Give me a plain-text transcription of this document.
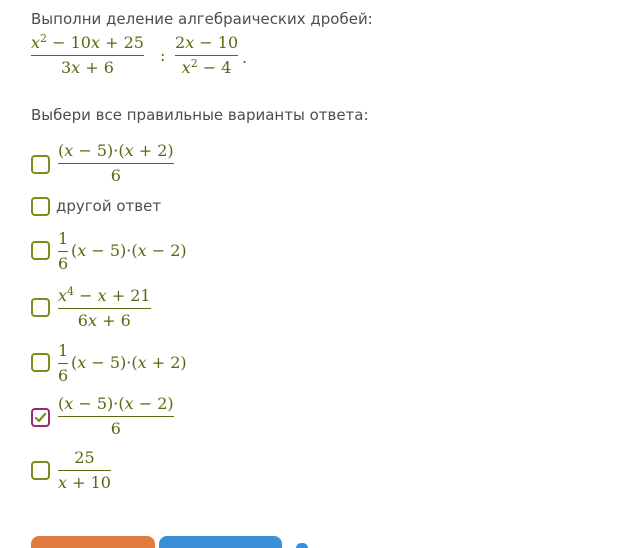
Выполни деление алгебраических дробей:
$x^2 - 10x + 25$
3x + 6
:
2x − 10
$x^2 - 4$
.
Выбери все правильные варианты ответа:
(x − 5)·(x + 2)
6
другой ответ
1
6
(x − 5)·(x − 2)
$x^4 - x + 21$
6x + 6
1
6
(x − 5)·(x + 2)
(x − 5)·(x − 2)
6
25
x + 10
